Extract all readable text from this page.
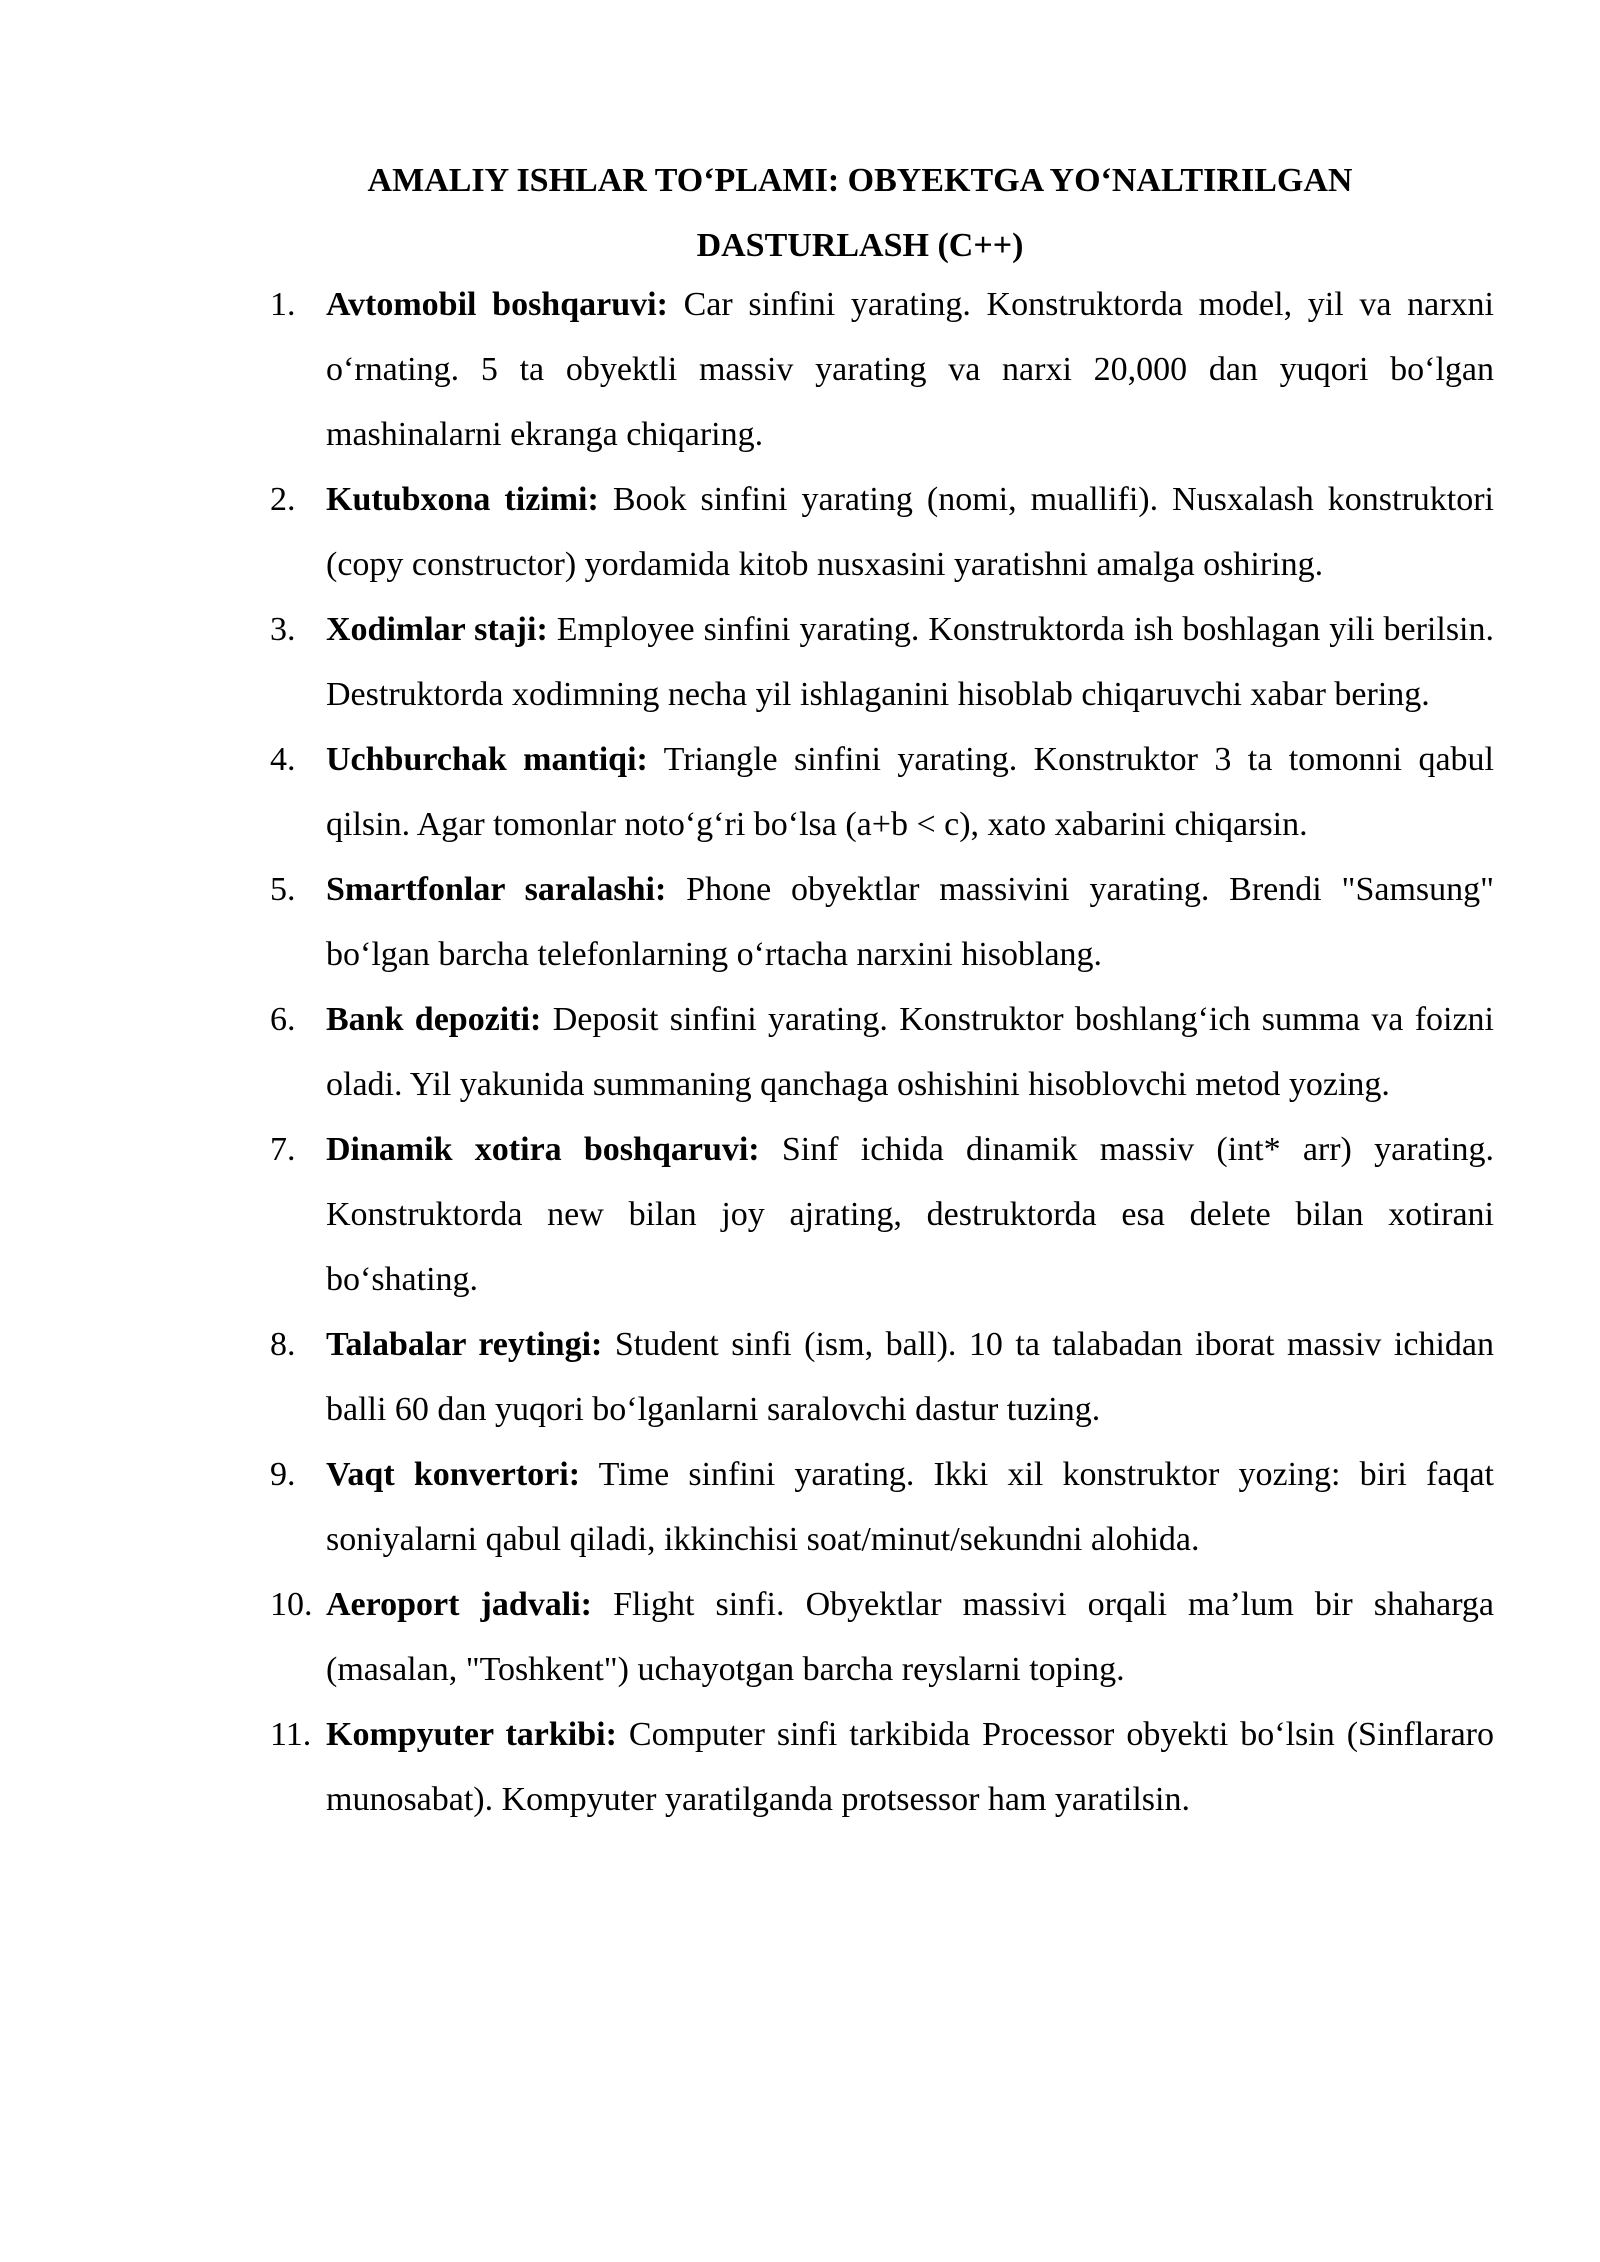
AMALIY ISHLAR TO‘PLAMI: OBYEKTGA YO‘NALTIRILGAN
DASTURLASH (C++)
1. Avtomobil boshqaruvi: Car sinfini yarating. Konstruktorda model, yil va narxni o‘rnating. 5 ta obyektli massiv yarating va narxi 20,000 dan yuqori bo‘lgan mashinalarni ekranga chiqaring.
2. Kutubxona tizimi: Book sinfini yarating (nomi, muallifi). Nusxalash konstruktori (copy constructor) yordamida kitob nusxasini yaratishni amalga oshiring.
3. Xodimlar staji: Employee sinfini yarating. Konstruktorda ish boshlagan yili berilsin. Destruktorda xodimning necha yil ishlaganini hisoblab chiqaruvchi xabar bering.
4. Uchburchak mantiqi: Triangle sinfini yarating. Konstruktor 3 ta tomonni qabul qilsin. Agar tomonlar noto‘g‘ri bo‘lsa (a+b < c), xato xabarini chiqarsin.
5. Smartfonlar saralashi: Phone obyektlar massivini yarating. Brendi "Samsung" bo‘lgan barcha telefonlarning o‘rtacha narxini hisoblang.
6. Bank depoziti: Deposit sinfini yarating. Konstruktor boshlang‘ich summa va foizni oladi. Yil yakunida summaning qanchaga oshishini hisoblovchi metod yozing.
7. Dinamik xotira boshqaruvi: Sinf ichida dinamik massiv (int* arr) yarating. Konstruktorda new bilan joy ajrating, destruktorda esa delete bilan xotirani bo‘shating.
8. Talabalar reytingi: Student sinfi (ism, ball). 10 ta talabadan iborat massiv ichidan balli 60 dan yuqori bo‘lganlarni saralovchi dastur tuzing.
9. Vaqt konvertori: Time sinfini yarating. Ikki xil konstruktor yozing: biri faqat soniyalarni qabul qiladi, ikkinchisi soat/minut/sekundni alohida.
10. Aeroport jadvali: Flight sinfi. Obyektlar massivi orqali ma’lum bir shaharga (masalan, "Toshkent") uchayotgan barcha reyslarni toping.
11. Kompyuter tarkibi: Computer sinfi tarkibida Processor obyekti bo‘lsin (Sinflararo munosabat). Kompyuter yaratilganda protsessor ham yaratilsin.
